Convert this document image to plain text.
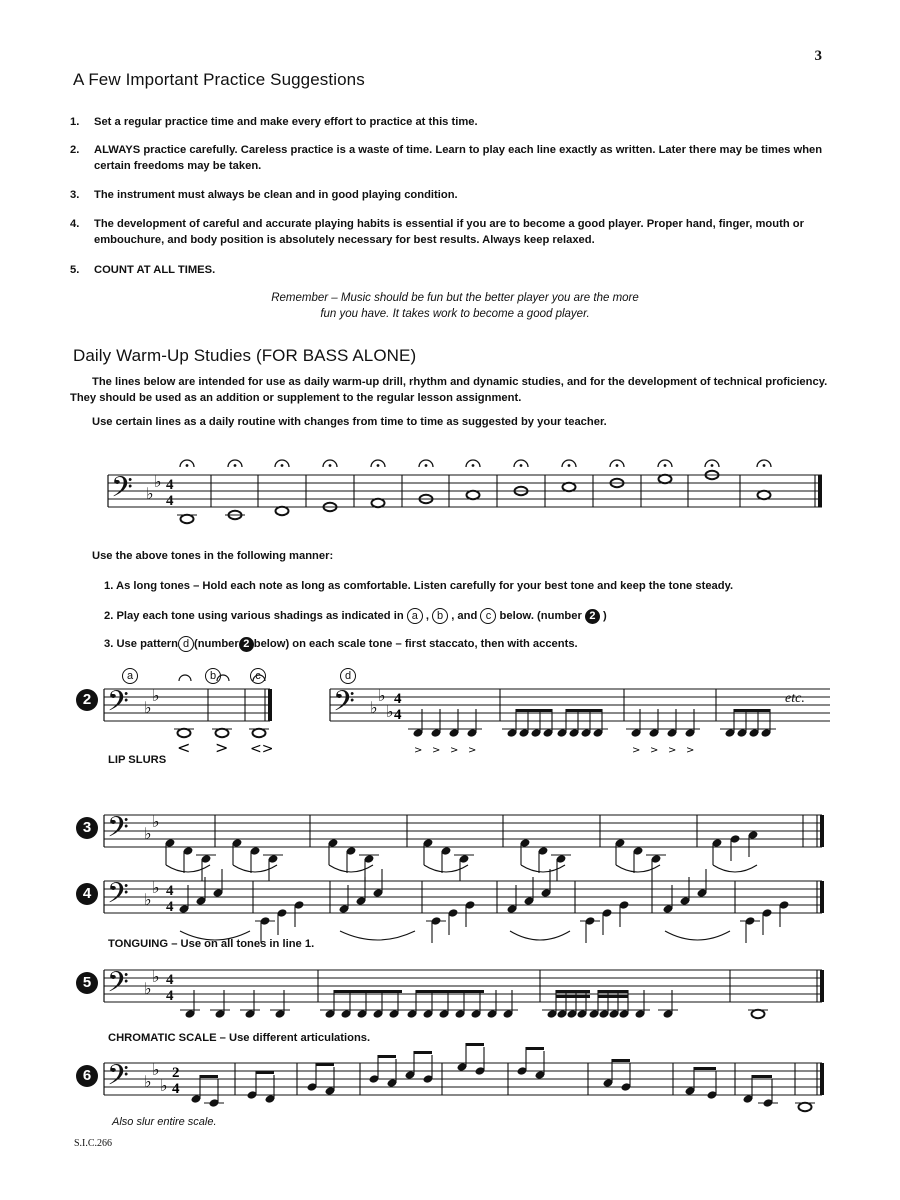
3
A Few Important Practice Suggestions
1. Set a regular practice time and make every effort to practice at this time.
2. ALWAYS practice carefully. Careless practice is a waste of time. Learn to play each line exactly as written. Later there may be times when certain freedoms may be taken.
3. The instrument must always be clean and in good playing condition.
4. The development of careful and accurate playing habits is essential if you are to become a good player. Proper hand, finger, mouth or embouchure, and body position is absolutely necessary for best results. Always keep relaxed.
5. COUNT AT ALL TIMES.
Remember – Music should be fun but the better player you are the more
fun you have. It takes work to become a good player.
Daily Warm-Up Studies (FOR BASS ALONE)
The lines below are intended for use as daily warm-up drill, rhythm and dynamic studies, and for the development of technical proficiency. They should be used as an addition or supplement to the regular lesson assignment.
Use certain lines as a daily routine with changes from time to time as suggested by your teacher.
𝄢 ♭
♭ 4
4
𝄢 ♭
♭
< > <>
𝄢 ♭
♭
♭
4
4
> > > >	> > > >
𝄢 ♭
♭
𝄢 ♭
♭ 4
4
𝄢 ♭
♭ 4
4
𝄢 ♭
♭
♭
2
4
Use the above tones in the following manner:
1. As long tones – Hold each note as long as comfortable. Listen carefully for your best tone and keep the tone steady.
2. Play each tone using various shadings as indicated in a , b , and c below. (number 2 )
3. Use pattern d (number 2 below) on each scale tone – first staccato, then with accents.
2
3
4
5
6
a	b	c	d
etc.
LIP SLURS
TONGUING – Use on all tones in line 1.
CHROMATIC SCALE – Use different articulations.
Also slur entire scale.
S.I.C.266
